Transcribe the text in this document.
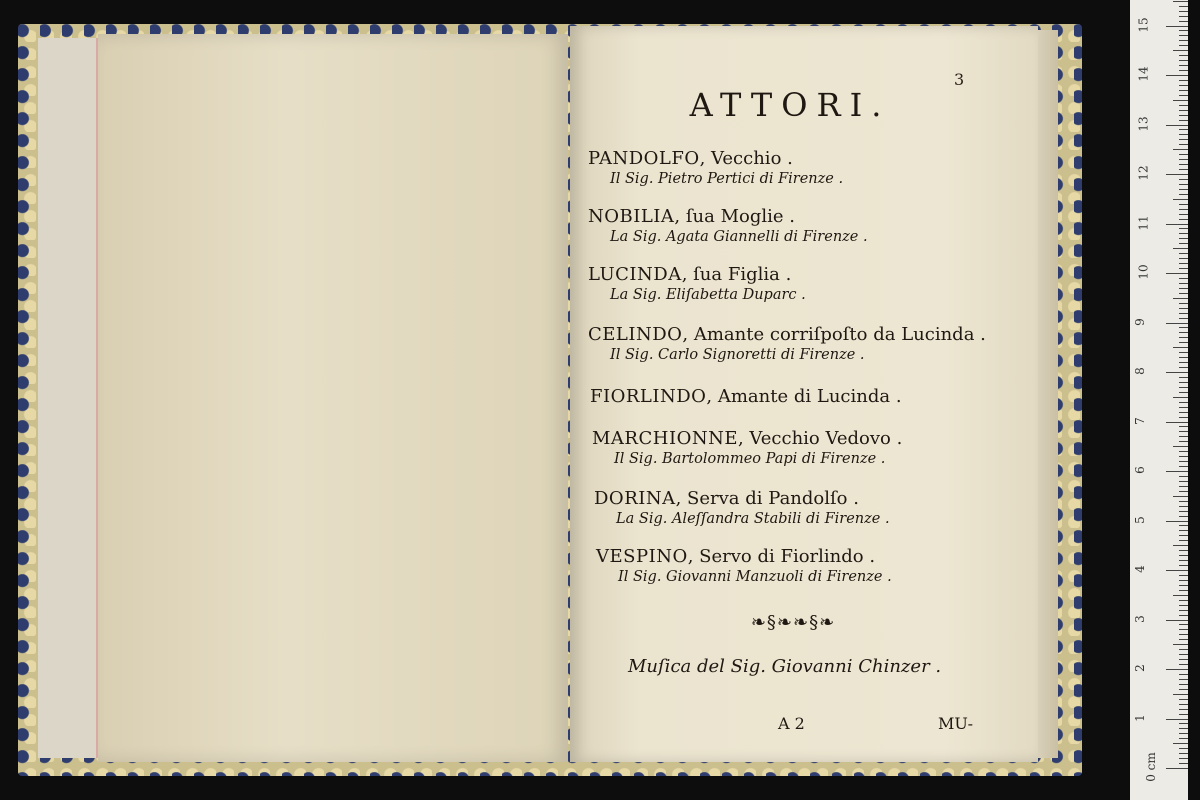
3
ATTORI.
PANDOLFO, Vecchio .
Il Sig. Pietro Pertici di Firenze .
NOBILIA, ſua Moglie .
La Sig. Agata Giannelli di Firenze .
LUCINDA, ſua Figlia .
La Sig. Eliſabetta Duparc .
CELINDO, Amante corriſpoſto da Lucinda .
Il Sig. Carlo Signoretti di Firenze .
FIORLINDO, Amante di Lucinda .
MARCHIONNE, Vecchio Vedovo .
Il Sig. Bartolommeo Papi di Firenze .
DORINA, Serva di Pandolſo .
La Sig. Aleſſandra Stabili di Firenze .
VESPINO, Servo di Fiorlindo .
Il Sig. Giovanni Manzuoli di Firenze .
❧§❧❧§❧
Muſica del Sig. Giovanni Chinzer .
A 2	MU-
0 cm
1
2
3
4
5
6
7
8
9
10
11
12
13
14
15
